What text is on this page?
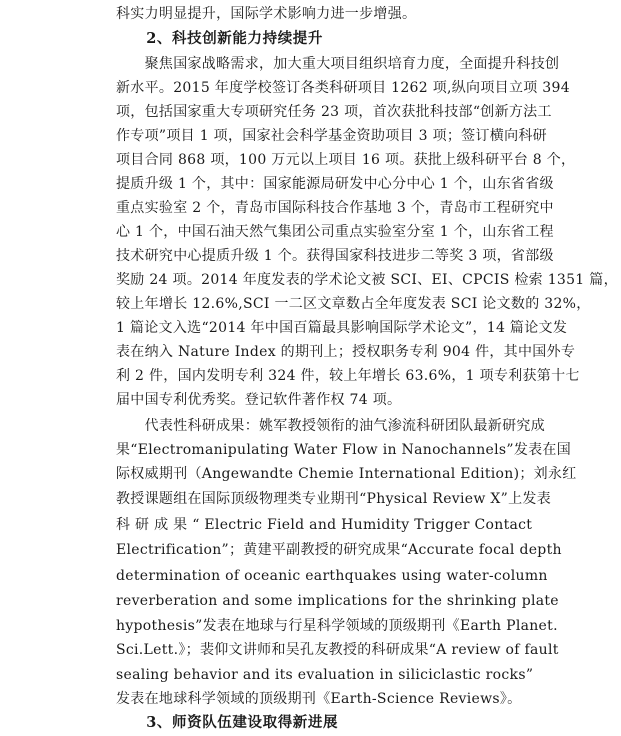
科实力明显提升，国际学术影响力进一步增强。
　　2、科技创新能力持续提升
　　聚焦国家战略需求，加大重大项目组织培育力度，全面提升科技创
新水平。2015 年度学校签订各类科研项目 1262 项,纵向项目立项 394
项，包括国家重大专项研究任务 23 项，首次获批科技部“创新方法工
作专项”项目 1 项，国家社会科学基金资助项目 3 项；签订横向科研
项目合同 868 项，100 万元以上项目 16 项。获批上级科研平台 8 个，
提质升级 1 个，其中：国家能源局研发中心分中心 1 个，山东省省级
重点实验室 2 个，青岛市国际科技合作基地 3 个，青岛市工程研究中
心 1 个，中国石油天然气集团公司重点实验室分室 1 个，山东省工程
技术研究中心提质升级 1 个。获得国家科技进步二等奖 3 项，省部级
奖励 24 项。2014 年度发表的学术论文被 SCI、EI、CPCIS 检索 1351 篇，
较上年增长 12.6%,SCI 一二区文章数占全年度发表 SCI 论文数的 32%，
1 篇论文入选“2014 年中国百篇最具影响国际学术论文”，14 篇论文发
表在纳入 Nature Index 的期刊上；授权职务专利 904 件，其中国外专
利 2 件，国内发明专利 324 件，较上年增长 63.6%，1 项专利获第十七
届中国专利优秀奖。登记软件著作权 74 项。
　　代表性科研成果：姚军教授领衔的油气渗流科研团队最新研究成
果“Electromanipulating Water Flow in Nanochannels”发表在国
际权威期刊（Angewandte Chemie International Edition)；刘永红
教授课题组在国际顶级物理类专业期刊“Physical Review X”上发表
科 研 成 果 “ Electric Field and Humidity Trigger Contact
Electrification”；黄建平副教授的研究成果“Accurate focal depth
determination of oceanic earthquakes using water-column
reverberation and some implications for the shrinking plate
hypothesis”发表在地球与行星科学领域的顶级期刊《Earth Planet.
Sci.Lett.》；裴仰文讲师和吴孔友教授的科研成果“A review of fault
sealing behavior and its evaluation in siliciclastic rocks”
发表在地球科学领域的顶级期刊《Earth-Science Reviews》。
　　3、师资队伍建设取得新进展
